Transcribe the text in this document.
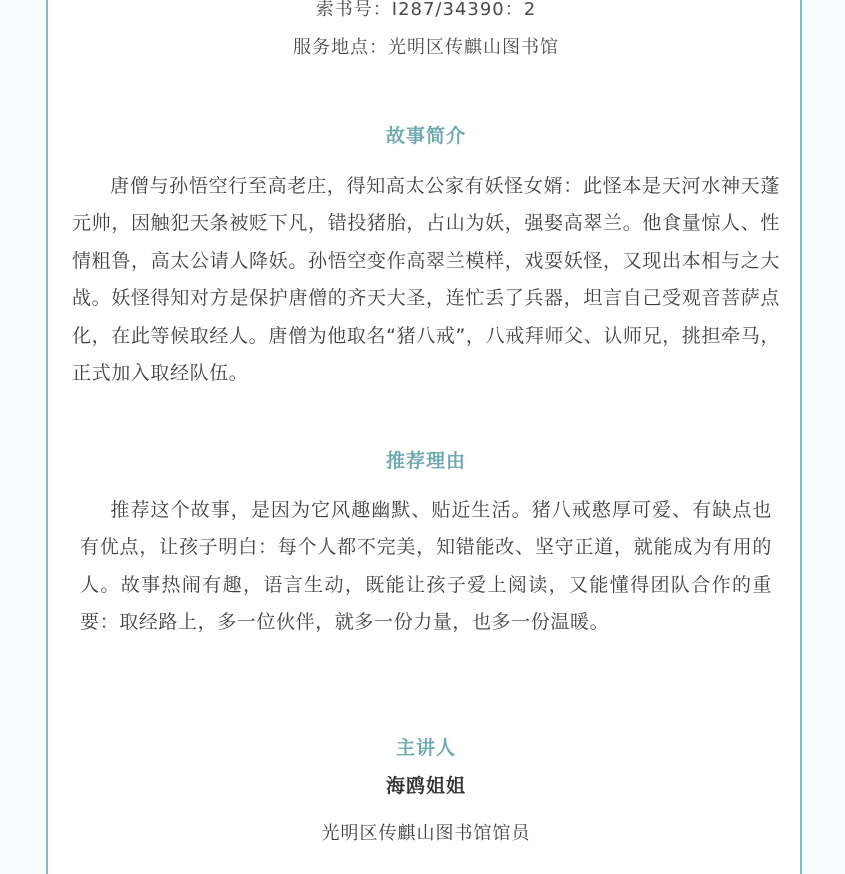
索书号：I287/34390：2
服务地点：光明区传麒山图书馆
故事简介

唐僧与孙悟空行至高老庄，得知高太公家有妖怪女婿：此怪本是天河水神天蓬元帅，因触犯天条被贬下凡，错投猪胎，占山为妖，强娶高翠兰。他食量惊人、性情粗鲁，高太公请人降妖。孙悟空变作高翠兰模样，戏耍妖怪，又现出本相与之大战。妖怪得知对方是保护唐僧的齐天大圣，连忙丢了兵器，坦言自己受观音菩萨点化，在此等候取经人。唐僧为他取名“猪八戒”，八戒拜师父、认师兄，挑担牵马，正式加入取经队伍。

推荐理由

推荐这个故事，是因为它风趣幽默、贴近生活。猪八戒憨厚可爱、有缺点也有优点，让孩子明白：每个人都不完美，知错能改、坚守正道，就能成为有用的人。故事热闹有趣，语言生动，既能让孩子爱上阅读，又能懂得团队合作的重要：取经路上，多一位伙伴，就多一份力量，也多一份温暖。

主讲人
海鸥姐姐
光明区传麒山图书馆馆员
